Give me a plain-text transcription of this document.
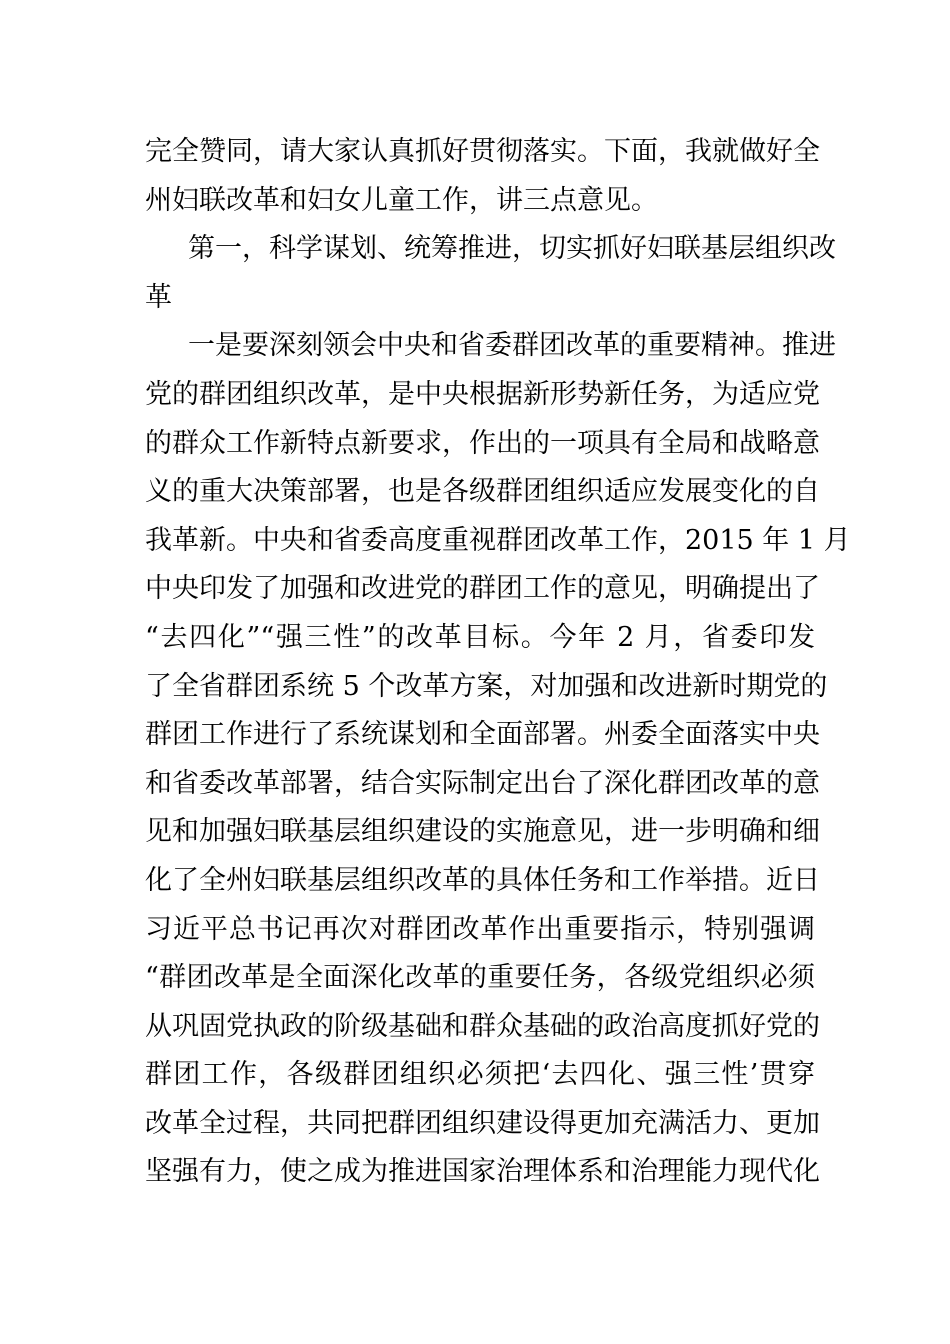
完全赞同，请大家认真抓好贯彻落实。下面，我就做好全
州妇联改革和妇女儿童工作，讲三点意见。
第一，科学谋划、统筹推进，切实抓好妇联基层组织改
革
一是要深刻领会中央和省委群团改革的重要精神。推进
党的群团组织改革，是中央根据新形势新任务，为适应党
的群众工作新特点新要求，作出的一项具有全局和战略意
义的重大决策部署，也是各级群团组织适应发展变化的自
我革新。中央和省委高度重视群团改革工作，2015 年 1 月
中央印发了加强和改进党的群团工作的意见，明确提出了
“去四化”“强三性”的改革目标。今年 2 月，省委印发
了全省群团系统 5 个改革方案，对加强和改进新时期党的
群团工作进行了系统谋划和全面部署。州委全面落实中央
和省委改革部署，结合实际制定出台了深化群团改革的意
见和加强妇联基层组织建设的实施意见，进一步明确和细
化了全州妇联基层组织改革的具体任务和工作举措。近日
习近平总书记再次对群团改革作出重要指示，特别强调
“群团改革是全面深化改革的重要任务，各级党组织必须
从巩固党执政的阶级基础和群众基础的政治高度抓好党的
群团工作，各级群团组织必须把‘去四化、强三性’贯穿
改革全过程，共同把群团组织建设得更加充满活力、更加
坚强有力，使之成为推进国家治理体系和治理能力现代化
